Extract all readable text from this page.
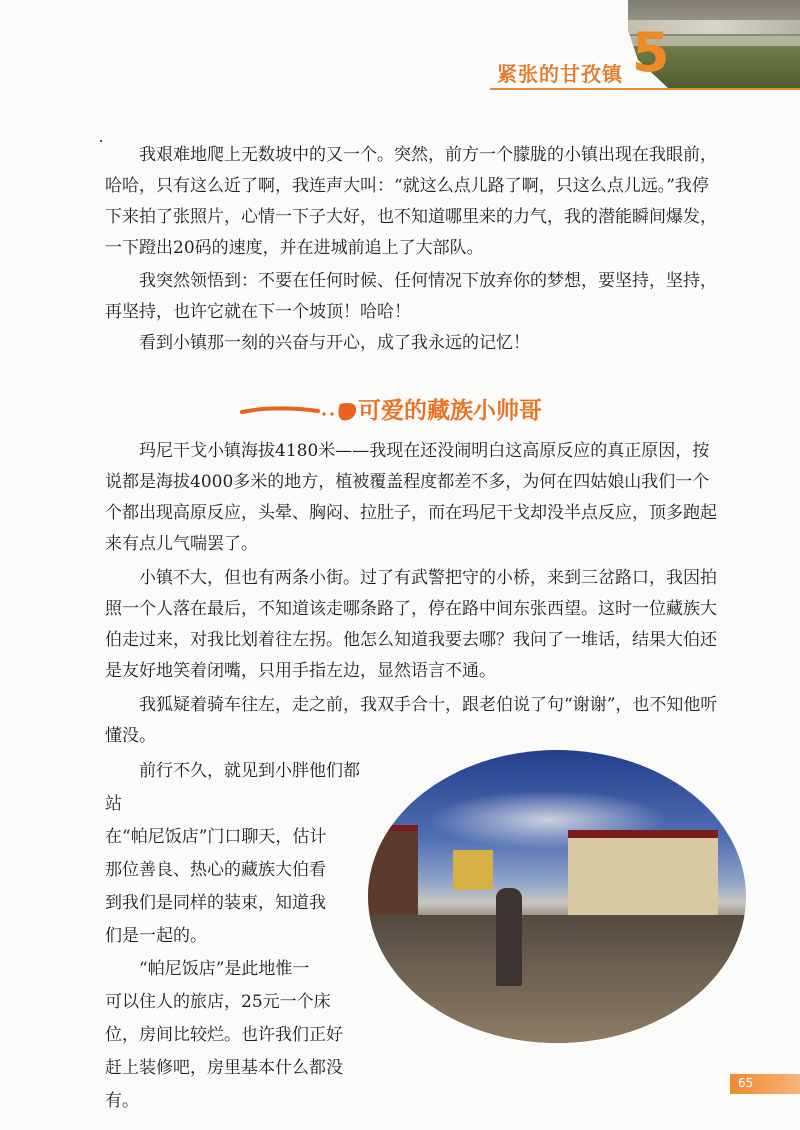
紧张的甘孜镇 5

我艰难地爬上无数坡中的又一个。突然，前方一个朦胧的小镇出现在我眼前，哈哈，只有这么近了啊，我连声大叫：“就这么点儿路了啊，只这么点儿远。”我停下来拍了张照片，心情一下子大好，也不知道哪里来的力气，我的潜能瞬间爆发，一下蹬出20码的速度，并在进城前追上了大部队。

我突然领悟到：不要在任何时候、任何情况下放弃你的梦想，要坚持，坚持，再坚持，也许它就在下一个坡顶！哈哈！

看到小镇那一刻的兴奋与开心，成了我永远的记忆！

可爱的藏族小帅哥

玛尼干戈小镇海拔4180米——我现在还没闹明白这高原反应的真正原因，按说都是海拔4000多米的地方，植被覆盖程度都差不多，为何在四姑娘山我们一个个都出现高原反应，头晕、胸闷、拉肚子，而在玛尼干戈却没半点反应，顶多跑起来有点儿气喘罢了。

小镇不大，但也有两条小街。过了有武警把守的小桥，来到三岔路口，我因拍照一个人落在最后，不知道该走哪条路了，停在路中间东张西望。这时一位藏族大伯走过来，对我比划着往左拐。他怎么知道我要去哪？我问了一堆话，结果大伯还是友好地笑着闭嘴，只用手指左边，显然语言不通。

我狐疑着骑车往左，走之前，我双手合十，跟老伯说了句“谢谢”，也不知他听懂没。

前行不久，就见到小胖他们都站
在“帕尼饭店”门口聊天，估计
那位善良、热心的藏族大伯看
到我们是同样的装束，知道我
们是一起的。
“帕尼饭店”是此地惟一
可以住人的旅店，25元一个床
位，房间比较烂。也许我们正好
赶上装修吧，房里基本什么都没有。
65
